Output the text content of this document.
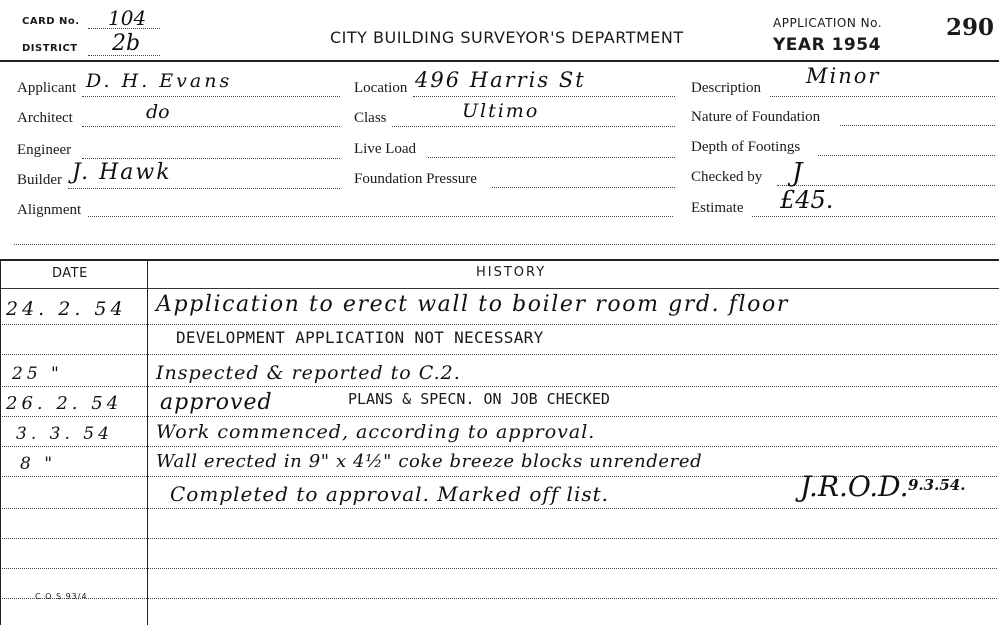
CARD No. 104
DISTRICT 2b	CITY BUILDING SURVEYOR'S DEPARTMENT
APPLICATION No.	290
YEAR 1954
Applicant D. H. Evans
Architect	do
Engineer
Builder J. Hawk
Alignment
Location 496 Harris St
Class	Ultimo
Live Load
Foundation Pressure
Description Minor
Nature of Foundation
Depth of Footings
Checked by J
Estimate £45.
DATE	HISTORY
24. 2. 54 Application to erect wall to boiler room grd. floor
DEVELOPMENT APPLICATION NOT NECESSARY
25 "	Inspected & reported to C.2.
26. 2. 54 approved	PLANS & SPECN. ON JOB CHECKED
3. 3. 54 Work commenced, according to approval.
8 "	Wall erected in 9" x 4½" coke breeze blocks unrendered
Completed to approval. Marked off list.	J.R.O.D. 9.3.54.
C O S 93/4
